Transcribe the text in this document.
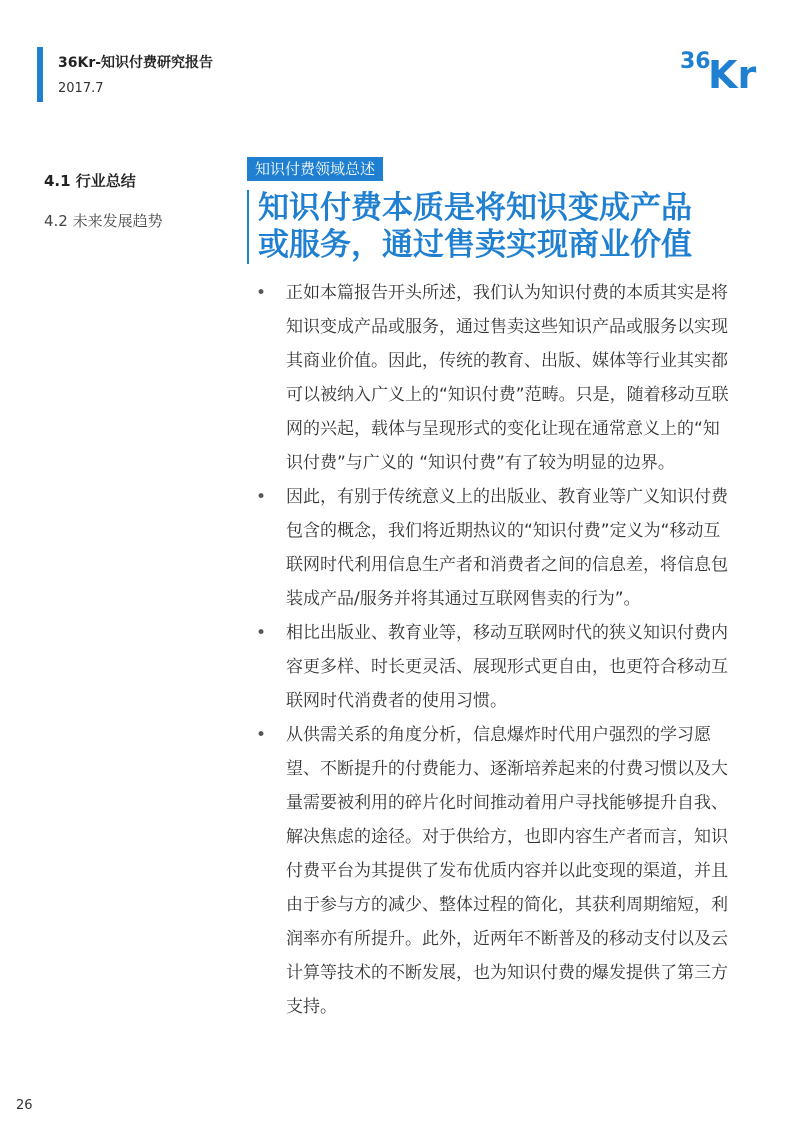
36Kr-知识付费研究报告
2017.7
36
Kr
4.1 行业总结
4.2 未来发展趋势
知识付费领域总述
知识付费本质是将知识变成产品
或服务，通过售卖实现商业价值
• 正如本篇报告开头所述，我们认为知识付费的本质其实是将知识变成产品或服务，通过售卖这些知识产品或服务以实现其商业价值。因此，传统的教育、出版、媒体等行业其实都可以被纳入广义上的“知识付费”范畴。只是，随着移动互联网的兴起，载体与呈现形式的变化让现在通常意义上的“知识付费”与广义的 “知识付费”有了较为明显的边界。
• 因此，有别于传统意义上的出版业、教育业等广义知识付费包含的概念，我们将近期热议的“知识付费”定义为“移动互联网时代利用信息生产者和消费者之间的信息差，将信息包装成产品/服务并将其通过互联网售卖的行为”。
• 相比出版业、教育业等，移动互联网时代的狭义知识付费内容更多样、时长更灵活、展现形式更自由，也更符合移动互联网时代消费者的使用习惯。
• 从供需关系的角度分析，信息爆炸时代用户强烈的学习愿望、不断提升的付费能力、逐渐培养起来的付费习惯以及大量需要被利用的碎片化时间推动着用户寻找能够提升自我、解决焦虑的途径。对于供给方，也即内容生产者而言，知识付费平台为其提供了发布优质内容并以此变现的渠道，并且由于参与方的减少、整体过程的简化，其获利周期缩短，利润率亦有所提升。此外，近两年不断普及的移动支付以及云计算等技术的不断发展，也为知识付费的爆发提供了第三方支持。
26
